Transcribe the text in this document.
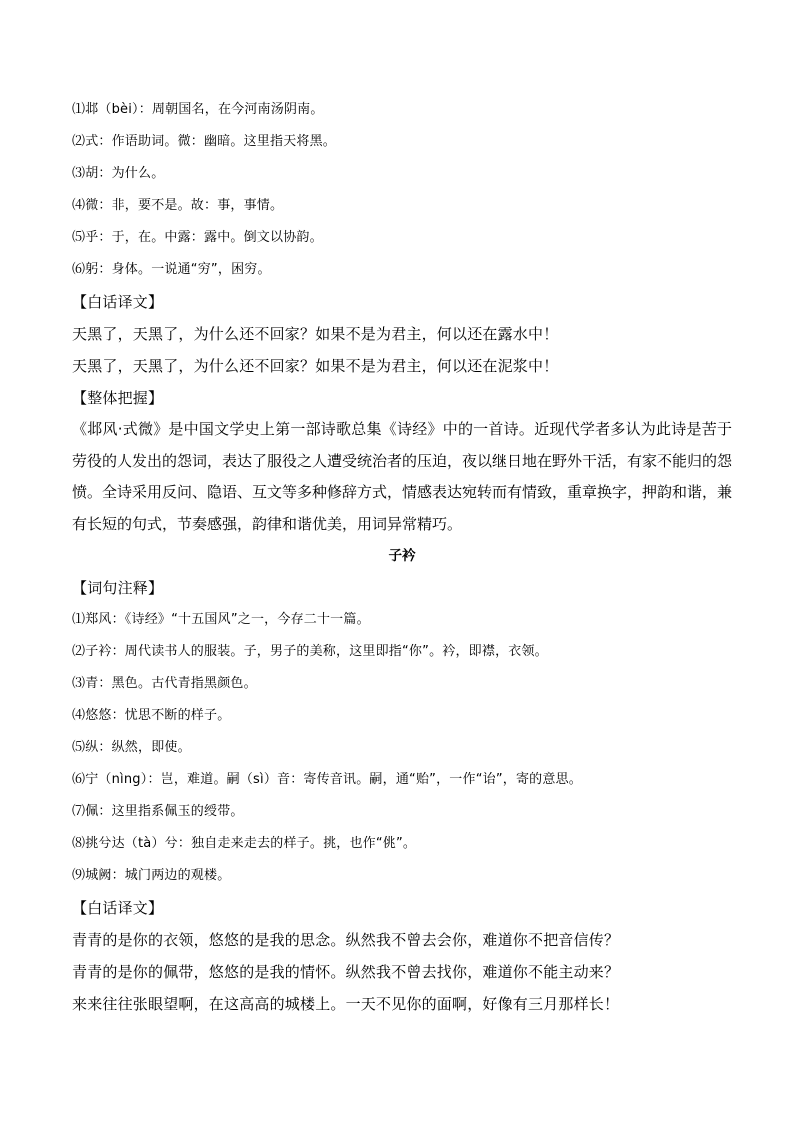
⑴邶（bèi）：周朝国名，在今河南汤阴南。
⑵式：作语助词。微：幽暗。这里指天将黑。
⑶胡：为什么。
⑷微：非，要不是。故：事，事情。
⑸乎：于，在。中露：露中。倒文以协韵。
⑹躬：身体。一说通“穷”，困穷。
【白话译文】
天黑了，天黑了，为什么还不回家？如果不是为君主，何以还在露水中！
天黑了，天黑了，为什么还不回家？如果不是为君主，何以还在泥浆中！
【整体把握】

《邶风·式微》是中国文学史上第一部诗歌总集《诗经》中的一首诗。近现代学者多认为此诗是苦于劳役的人发出的怨词，表达了服役之人遭受统治者的压迫，夜以继日地在野外干活，有家不能归的怨愤。全诗采用反问、隐语、互文等多种修辞方式，情感表达宛转而有情致，重章换字，押韵和谐，兼有长短的句式，节奏感强，韵律和谐优美，用词异常精巧。

子衿
【词句注释】
⑴郑风：《诗经》“十五国风”之一，今存二十一篇。
⑵子衿：周代读书人的服装。子，男子的美称，这里即指“你”。衿，即襟，衣领。
⑶青：黑色。古代青指黑颜色。
⑷悠悠：忧思不断的样子。
⑸纵：纵然，即使。
⑹宁（nìng）：岂，难道。嗣（sì）音：寄传音讯。嗣，通“贻”，一作“诒”，寄的意思。
⑺佩：这里指系佩玉的绶带。
⑻挑兮达（tà）兮：独自走来走去的样子。挑，也作“佻”。
⑼城阙：城门两边的观楼。
【白话译文】
青青的是你的衣领，悠悠的是我的思念。纵然我不曾去会你，难道你不把音信传？
青青的是你的佩带，悠悠的是我的情怀。纵然我不曾去找你，难道你不能主动来？
来来往往张眼望啊，在这高高的城楼上。一天不见你的面啊，好像有三月那样长！
